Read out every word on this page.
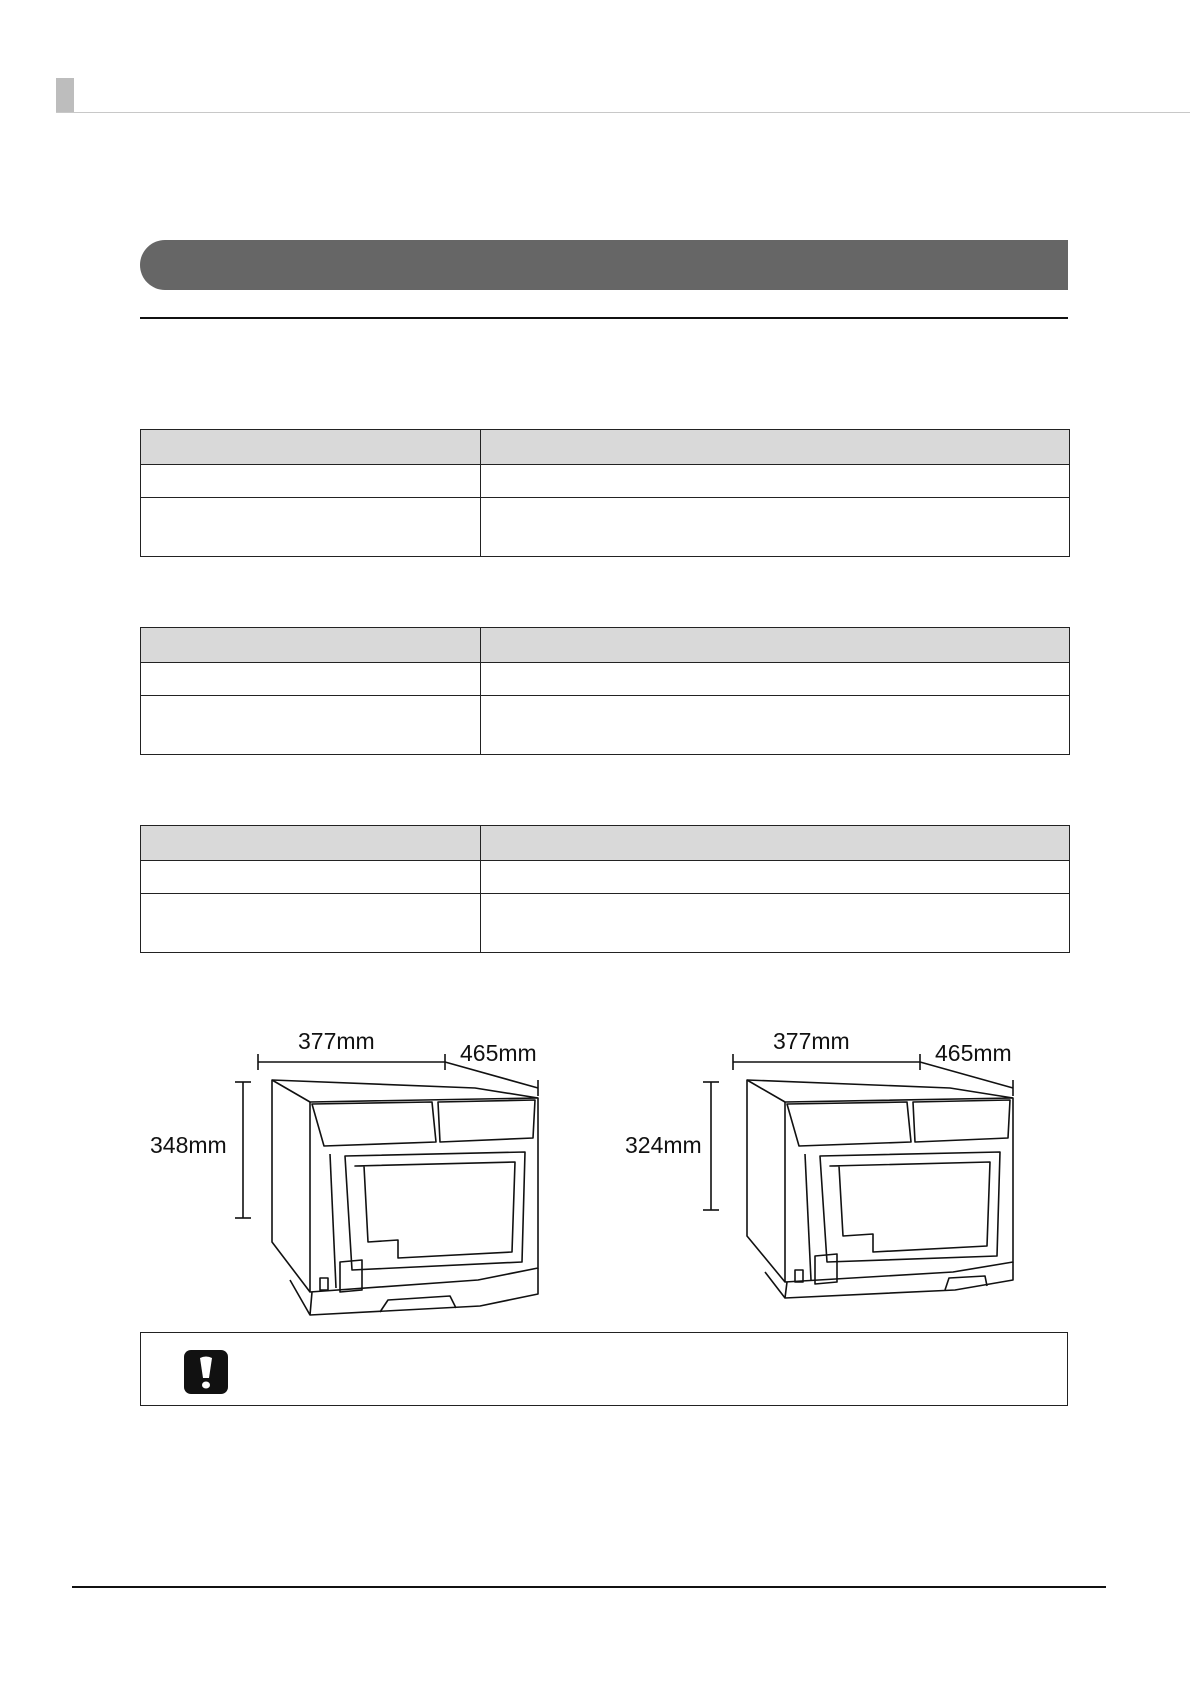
377mm	465mm
348mm
377mm	465mm
324mm
